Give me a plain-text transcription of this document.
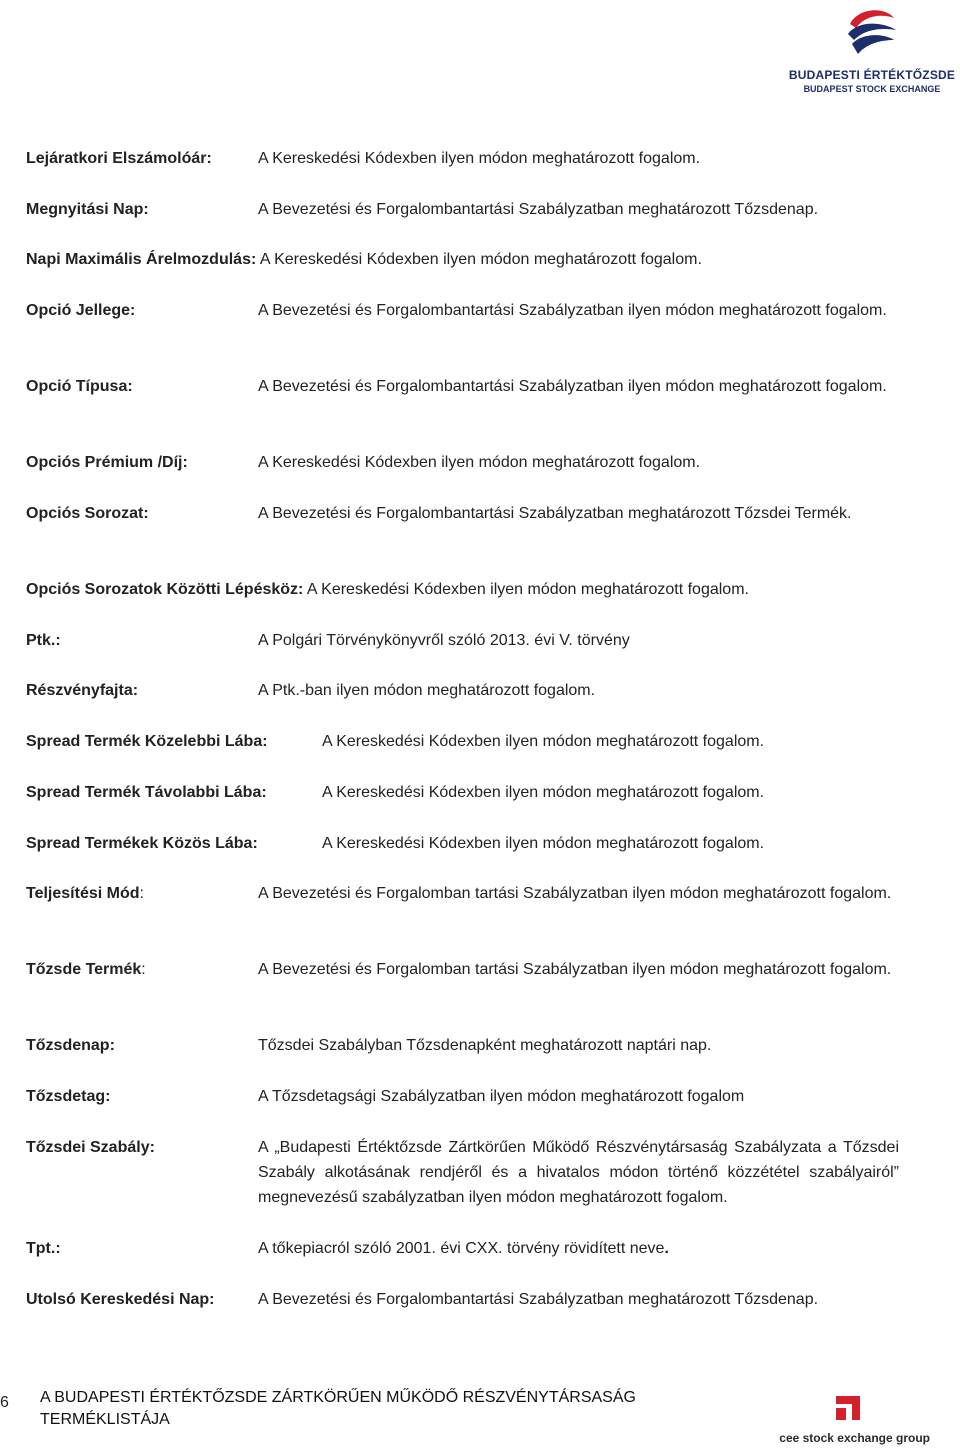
BUDAPESTI ÉRTÉKTŐZSDE
BUDAPEST STOCK EXCHANGE
Lejáratkori Elszámolóár:	A Kereskedési Kódexben ilyen módon meghatározott fogalom.
Megnyitási Nap:	A Bevezetési és Forgalombantartási Szabályzatban meghatározott Tőzsdenap.
Napi Maximális Árelmozdulás: A Kereskedési Kódexben ilyen módon meghatározott fogalom.
Opció Jellege:	A Bevezetési és Forgalombantartási Szabályzatban ilyen módon meghatározott fogalom.
Opció Típusa:	A Bevezetési és Forgalombantartási Szabályzatban ilyen módon meghatározott fogalom.
Opciós Prémium /Díj:	A Kereskedési Kódexben ilyen módon meghatározott fogalom.
Opciós Sorozat:	A Bevezetési és Forgalombantartási Szabályzatban meghatározott Tőzsdei Termék.
Opciós Sorozatok Közötti Lépésköz: A Kereskedési Kódexben ilyen módon meghatározott fogalom.
Ptk.:	A Polgári Törvénykönyvről szóló 2013. évi V. törvény
Részvényfajta:	A Ptk.-ban ilyen módon meghatározott fogalom.
Spread Termék Közelebbi Lába:	A Kereskedési Kódexben ilyen módon meghatározott fogalom.
Spread Termék Távolabbi Lába:	A Kereskedési Kódexben ilyen módon meghatározott fogalom.
Spread Termékek Közös Lába:	A Kereskedési Kódexben ilyen módon meghatározott fogalom.
Teljesítési Mód:	A Bevezetési és Forgalomban tartási Szabályzatban ilyen módon meghatározott fogalom.
Tőzsde Termék:	A Bevezetési és Forgalomban tartási Szabályzatban ilyen módon meghatározott fogalom.
Tőzsdenap:	Tőzsdei Szabályban Tőzsdenapként meghatározott naptári nap.
Tőzsdetag:	A Tőzsdetagsági Szabályzatban ilyen módon meghatározott fogalom
Tőzsdei Szabály:	A „Budapesti Értéktőzsde Zártkörűen Működő Részvénytársaság Szabályzata a Tőzsdei Szabály alkotásának rendjéről és a hivatalos módon történő közzététel szabályairól” megnevezésű szabályzatban ilyen módon meghatározott fogalom.
Tpt.:	A tőkepiacról szóló 2001. évi CXX. törvény rövidített neve.
Utolsó Kereskedési Nap:	A Bevezetési és Forgalombantartási Szabályzatban meghatározott Tőzsdenap.
6 A BUDAPESTI ÉRTÉKTŐZSDE ZÁRTKÖRŰEN MŰKÖDŐ RÉSZVÉNYTÁRSASÁG
TERMÉKLISTÁJA
cee stock exchange group
